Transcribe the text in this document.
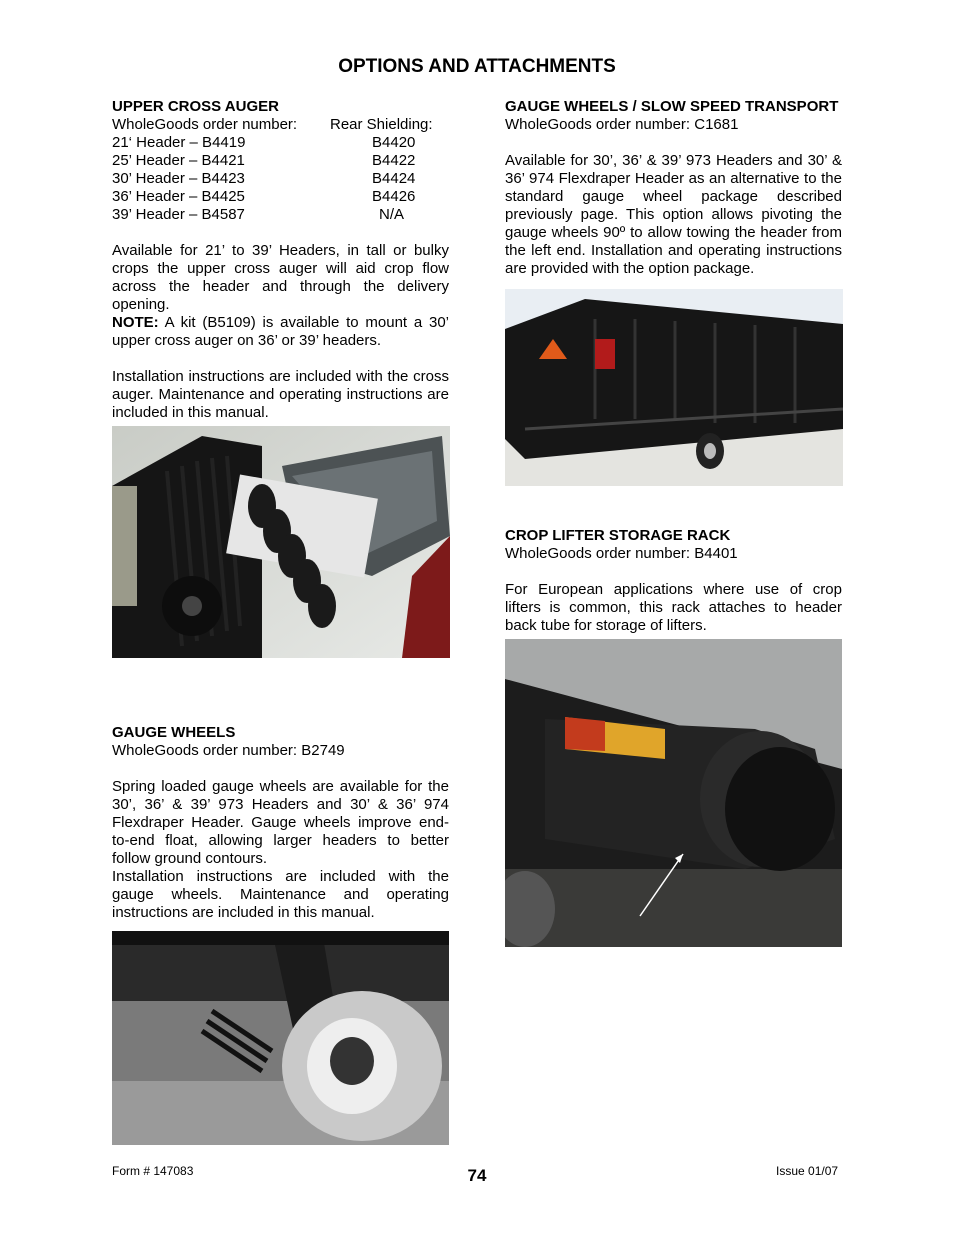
OPTIONS AND ATTACHMENTS
UPPER CROSS AUGER
WholeGoods order number:	Rear Shielding:
21‘ Header – B4419	B4420
25’ Header – B4421	B4422
30’ Header – B4423	B4424
36’ Header – B4425	B4426
39’ Header – B4587	N/A

Available for 21’ to 39’ Headers, in tall or bulky crops the upper cross auger will aid crop flow across the header and through the delivery opening.

NOTE: A kit (B5109) is available to mount a 30’ upper cross auger on 36’ or 39’ headers.

Installation instructions are included with the cross auger. Maintenance and operating instructions are included in this manual.

GAUGE WHEELS
WholeGoods order number: B2749

Spring loaded gauge wheels are available for the 30’, 36’ & 39’ 973 Headers and 30’ & 36’ 974 Flexdraper Header. Gauge wheels improve end-to-end float, allowing larger headers to better follow ground contours.

Installation instructions are included with the gauge wheels. Maintenance and operating instructions are included in this manual.

GAUGE WHEELS / SLOW SPEED TRANSPORT
WholeGoods order number: C1681

Available for 30’, 36’ & 39’ 973 Headers and 30’ & 36’ 974 Flexdraper Header as an alternative to the standard gauge wheel package described previously page. This option allows pivoting the gauge wheels 90º to allow towing the header from the left end. Installation and operating instructions are provided with the option package.

CROP LIFTER STORAGE RACK
WholeGoods order number: B4401

For European applications where use of crop lifters is common, this rack attaches to header back tube for storage of lifters.

Form # 147083	74	Issue 01/07
